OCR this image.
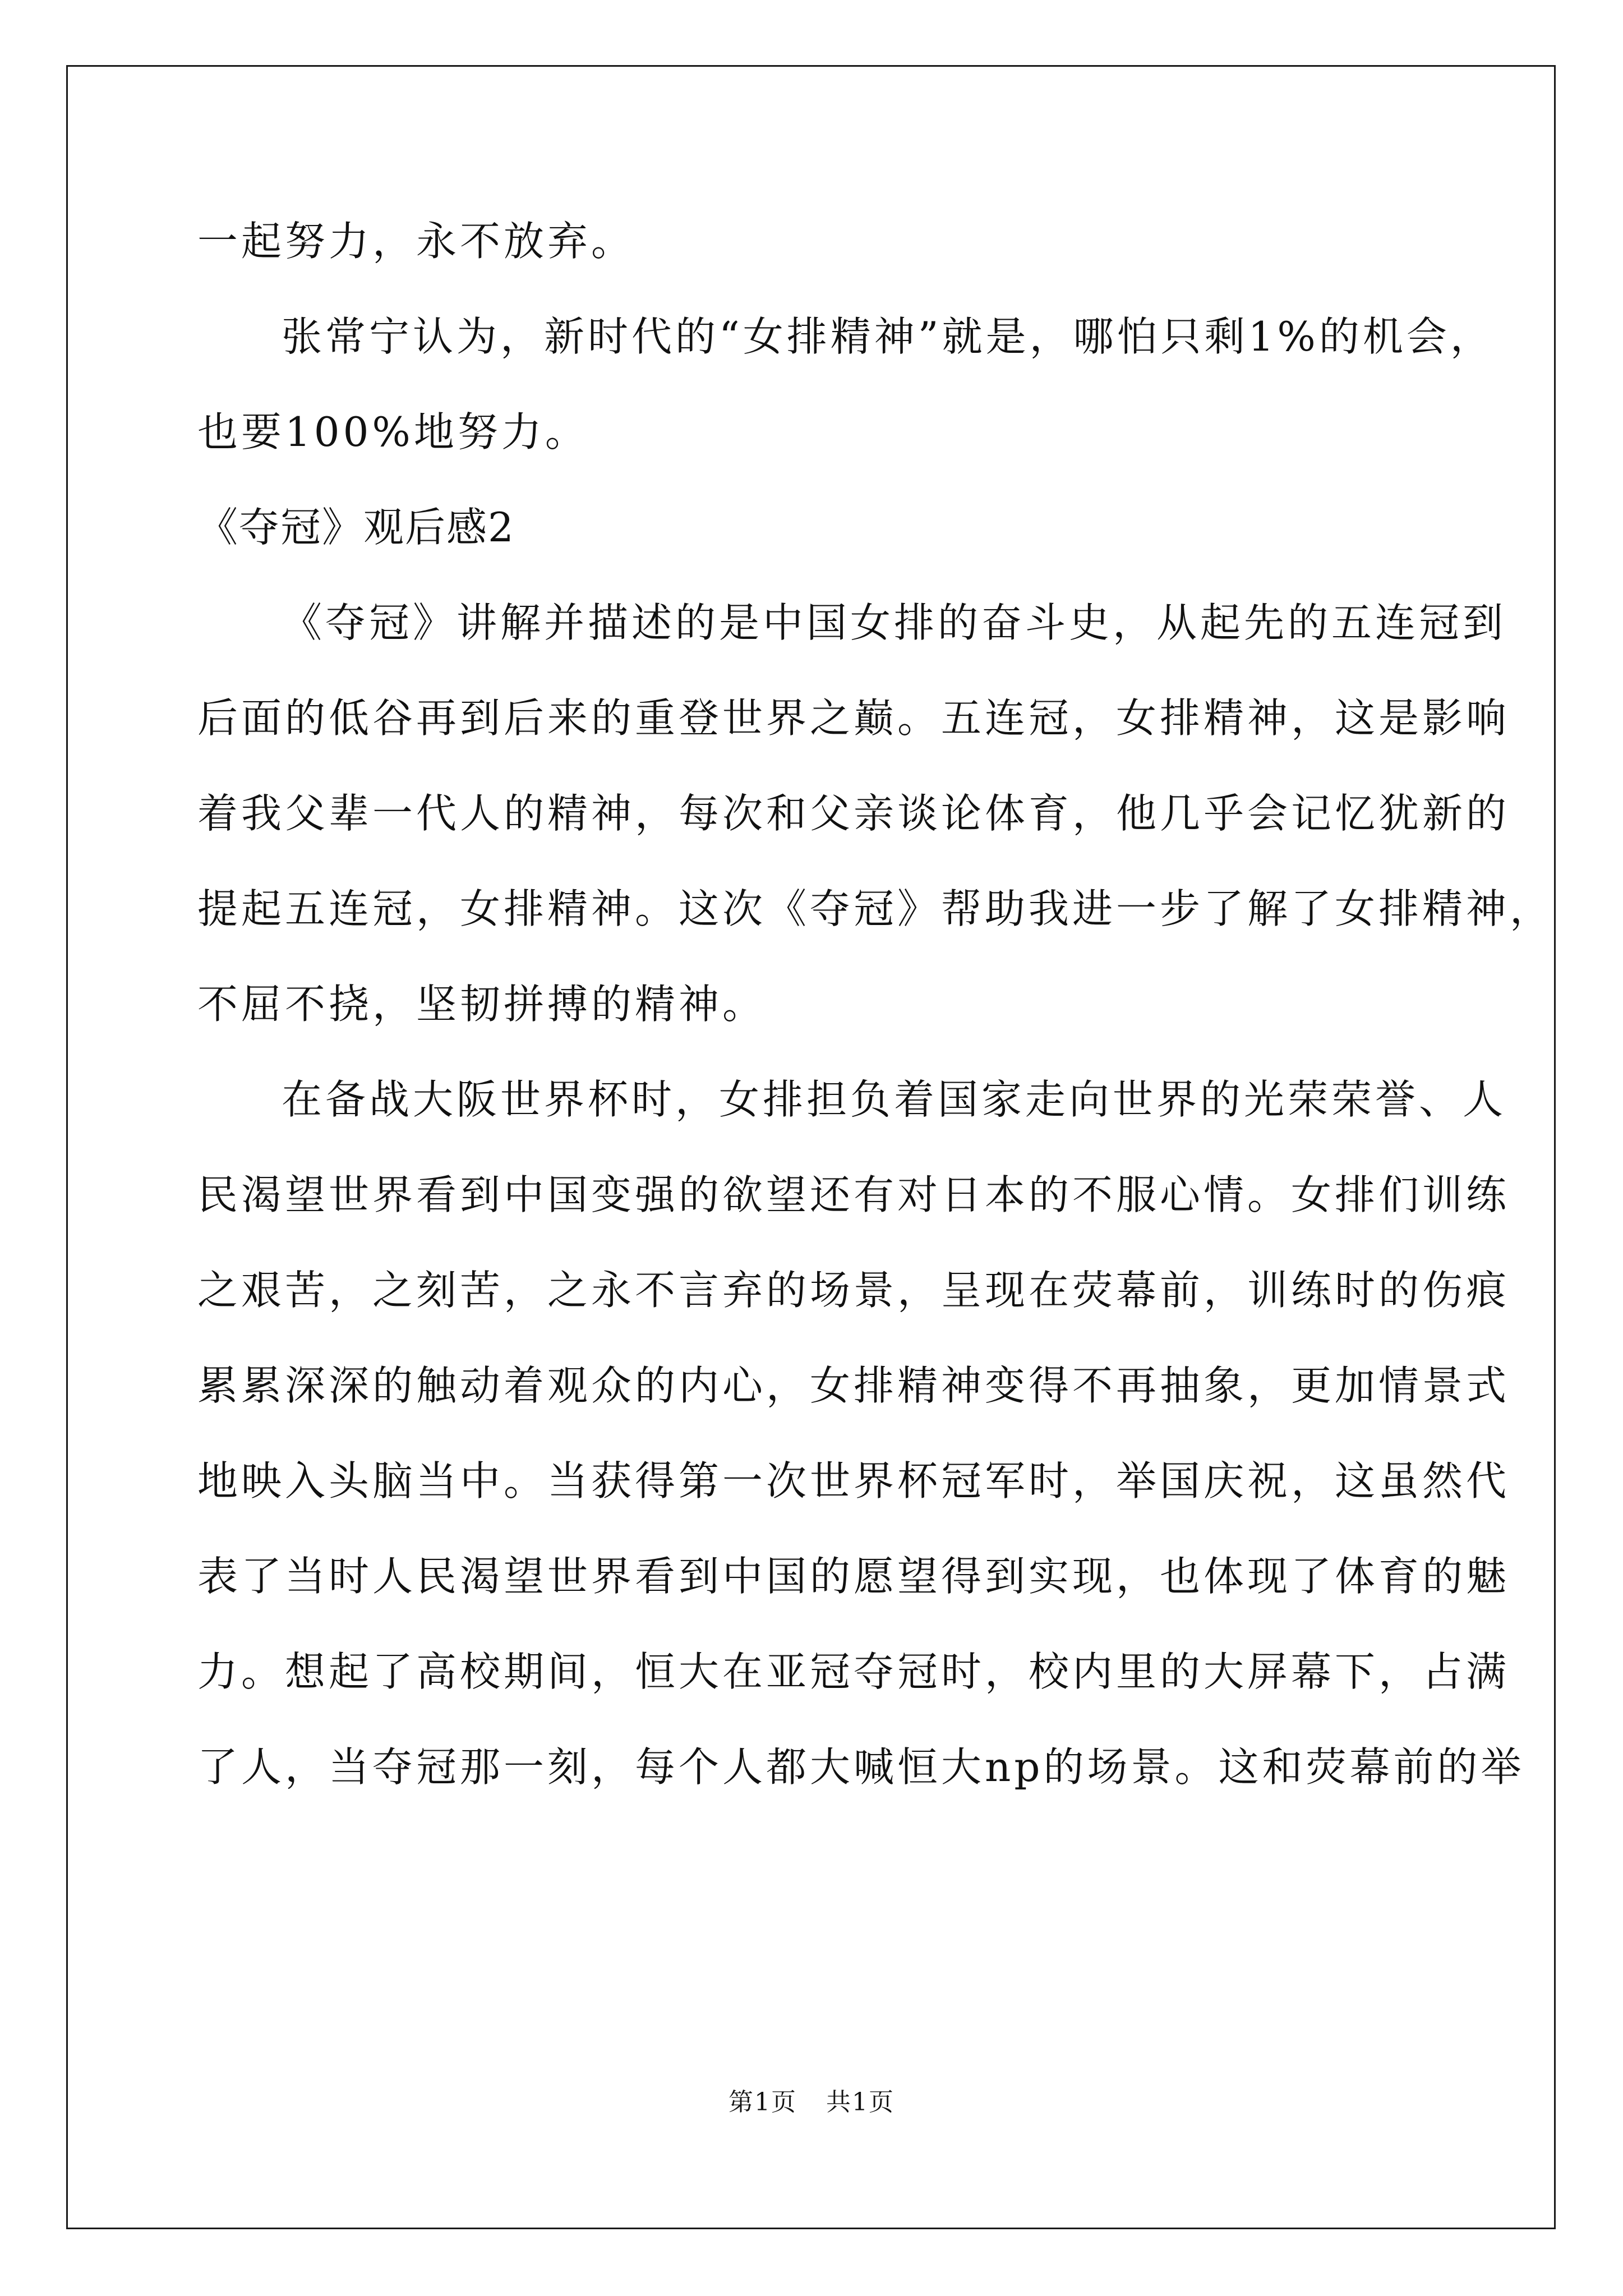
一起努力，永不放弃。
张常宁认为，新时代的“女排精神”就是，哪怕只剩1%的机会，
也要100%地努力。
《夺冠》观后感2
《夺冠》讲解并描述的是中国女排的奋斗史，从起先的五连冠到
后面的低谷再到后来的重登世界之巅。五连冠，女排精神，这是影响
着我父辈一代人的精神，每次和父亲谈论体育，他几乎会记忆犹新的
提起五连冠，女排精神。这次《夺冠》帮助我进一步了解了女排精神，
不屈不挠，坚韧拼搏的精神。
在备战大阪世界杯时，女排担负着国家走向世界的光荣荣誉、人
民渴望世界看到中国变强的欲望还有对日本的不服心情。女排们训练
之艰苦，之刻苦，之永不言弃的场景，呈现在荧幕前，训练时的伤痕
累累深深的触动着观众的内心，女排精神变得不再抽象，更加情景式
地映入头脑当中。当获得第一次世界杯冠军时，举国庆祝，这虽然代
表了当时人民渴望世界看到中国的愿望得到实现，也体现了体育的魅
力。想起了高校期间，恒大在亚冠夺冠时，校内里的大屏幕下，占满
了人，当夺冠那一刻，每个人都大喊恒大np的场景。这和荧幕前的举
第1页 共1页
